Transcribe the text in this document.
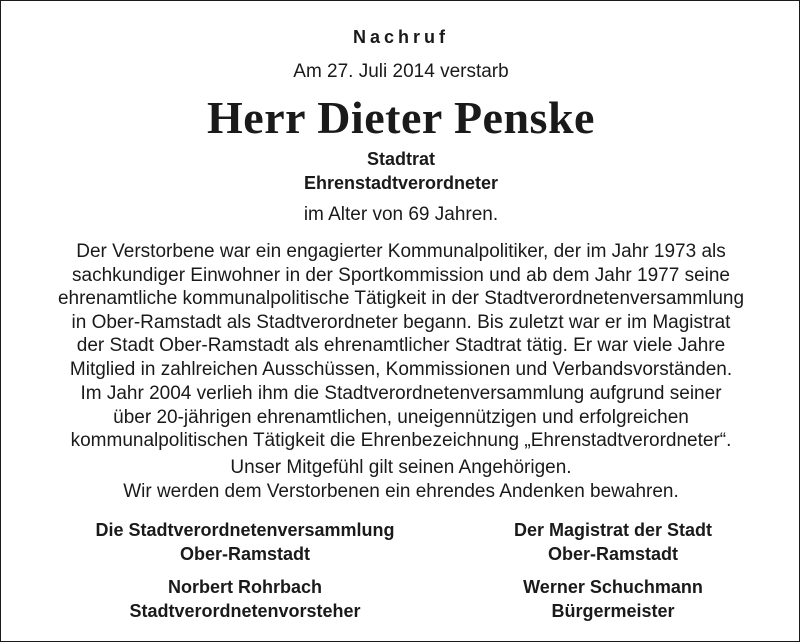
Nachruf
Am 27. Juli 2014 verstarb
Herr Dieter Penske
Stadtrat
Ehrenstadtverordneter
im Alter von 69 Jahren.
Der Verstorbene war ein engagierter Kommunalpolitiker, der im Jahr 1973 als
sachkundiger Einwohner in der Sportkommission und ab dem Jahr 1977 seine
ehrenamtliche kommunalpolitische Tätigkeit in der Stadtverordnetenversammlung
in Ober-Ramstadt als Stadtverordneter begann. Bis zuletzt war er im Magistrat
der Stadt Ober-Ramstadt als ehrenamtlicher Stadtrat tätig. Er war viele Jahre
Mitglied in zahlreichen Ausschüssen, Kommissionen und Verbandsvorständen.
Im Jahr 2004 verlieh ihm die Stadtverordnetenversammlung aufgrund seiner
über 20-jährigen ehrenamtlichen, uneigennützigen und erfolgreichen
kommunalpolitischen Tätigkeit die Ehrenbezeichnung „Ehrenstadtverordneter“.
Unser Mitgefühl gilt seinen Angehörigen.
Wir werden dem Verstorbenen ein ehrendes Andenken bewahren.
Die Stadtverordnetenversammlung
Ober-Ramstadt
Der Magistrat der Stadt
Ober-Ramstadt
Norbert Rohrbach
Stadtverordnetenvorsteher
Werner Schuchmann
Bürgermeister
